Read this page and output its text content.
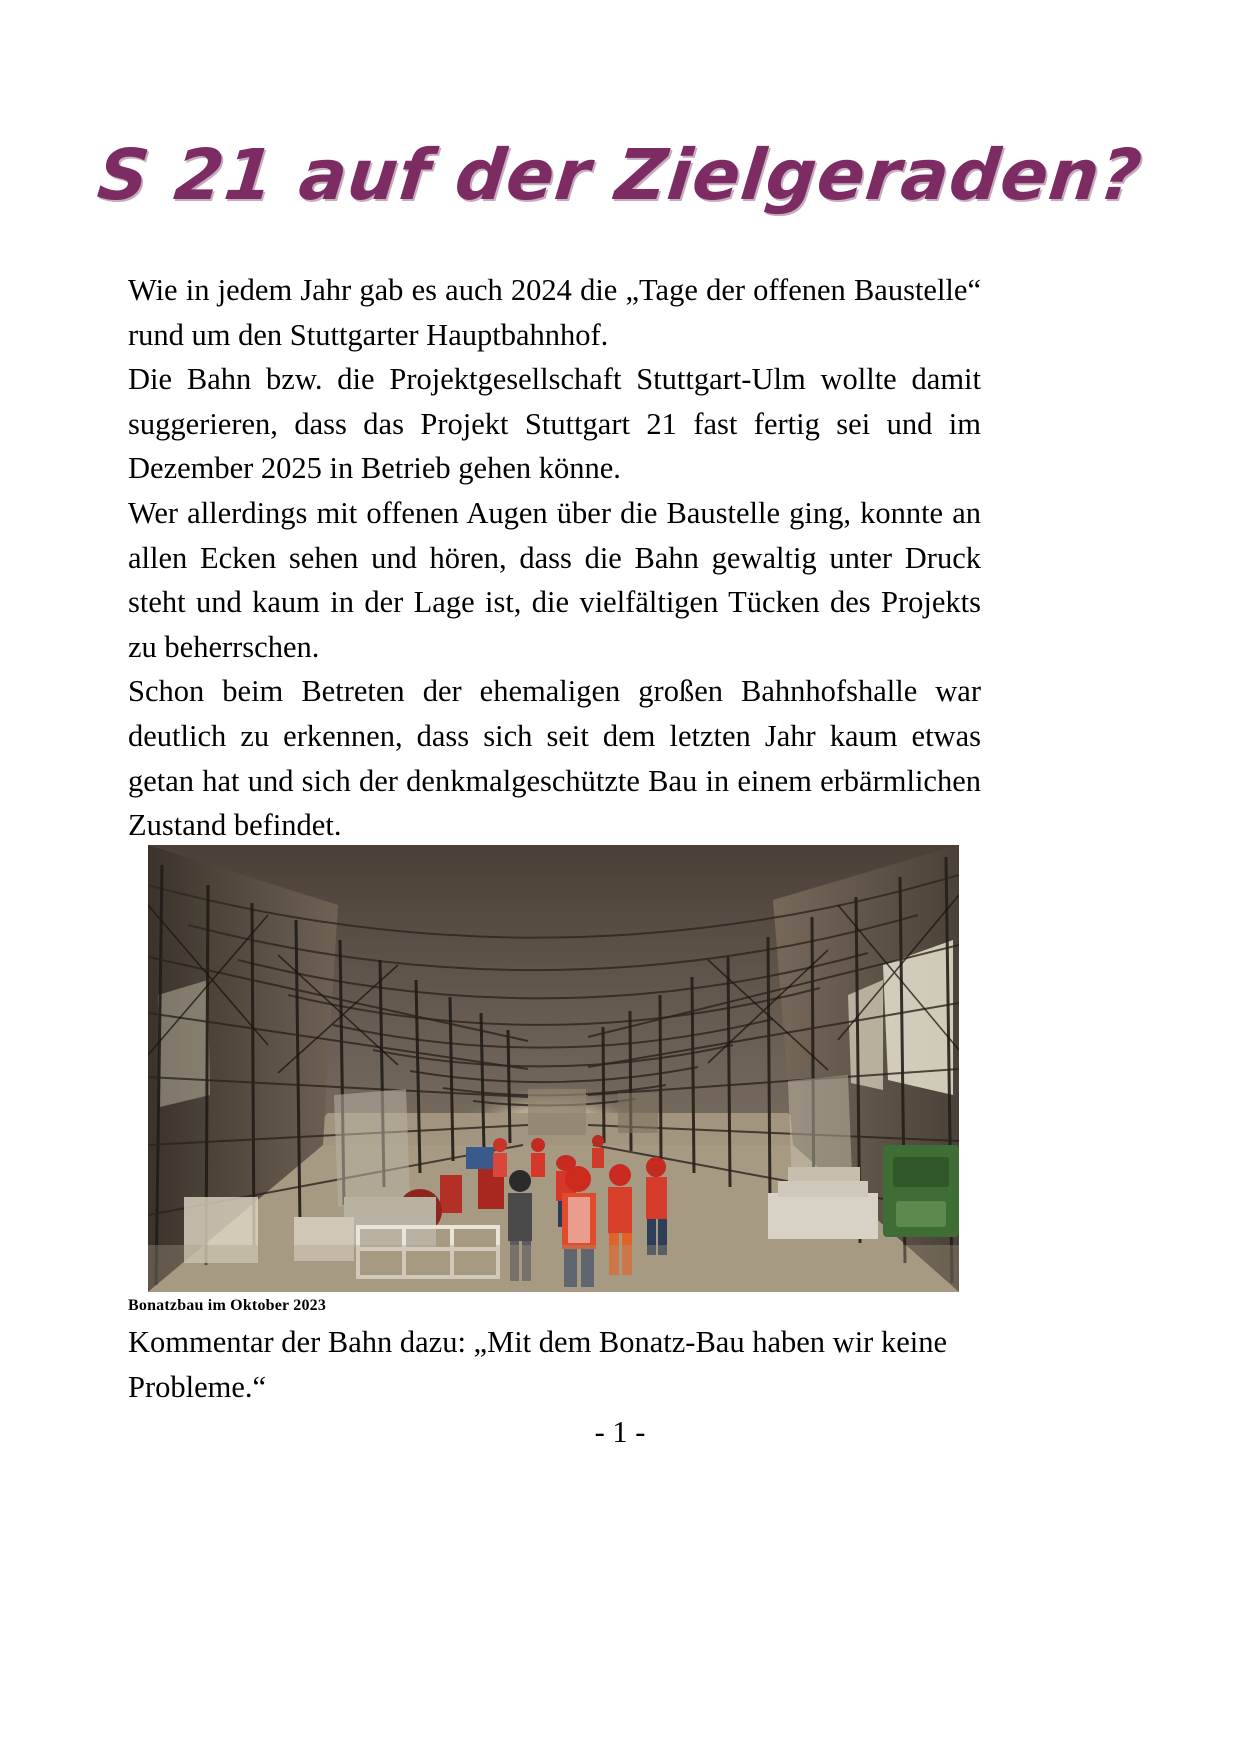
S 21 auf der Zielgeraden?

Wie in jedem Jahr gab es auch 2024 die „Tage der offenen Baustelle“ rund um den Stuttgarter Hauptbahnhof.

Die Bahn bzw. die Projektgesellschaft Stuttgart-Ulm wollte damit suggerieren, dass das Projekt Stuttgart 21 fast fertig sei und im Dezember 2025 in Betrieb gehen könne.

Wer allerdings mit offenen Augen über die Baustelle ging, konnte an allen Ecken sehen und hören, dass die Bahn gewaltig unter Druck steht und kaum in der Lage ist, die vielfältigen Tücken des Projekts zu beherrschen.

Schon beim Betreten der ehemaligen großen Bahnhofshalle war deutlich zu erkennen, dass sich seit dem letzten Jahr kaum etwas getan hat und sich der denkmalgeschützte Bau in einem erbärmlichen Zustand befindet.

Bonatzbau im Oktober 2023

Kommentar der Bahn dazu: „Mit dem Bonatz-Bau haben wir keine Probleme.“

- 1 -
